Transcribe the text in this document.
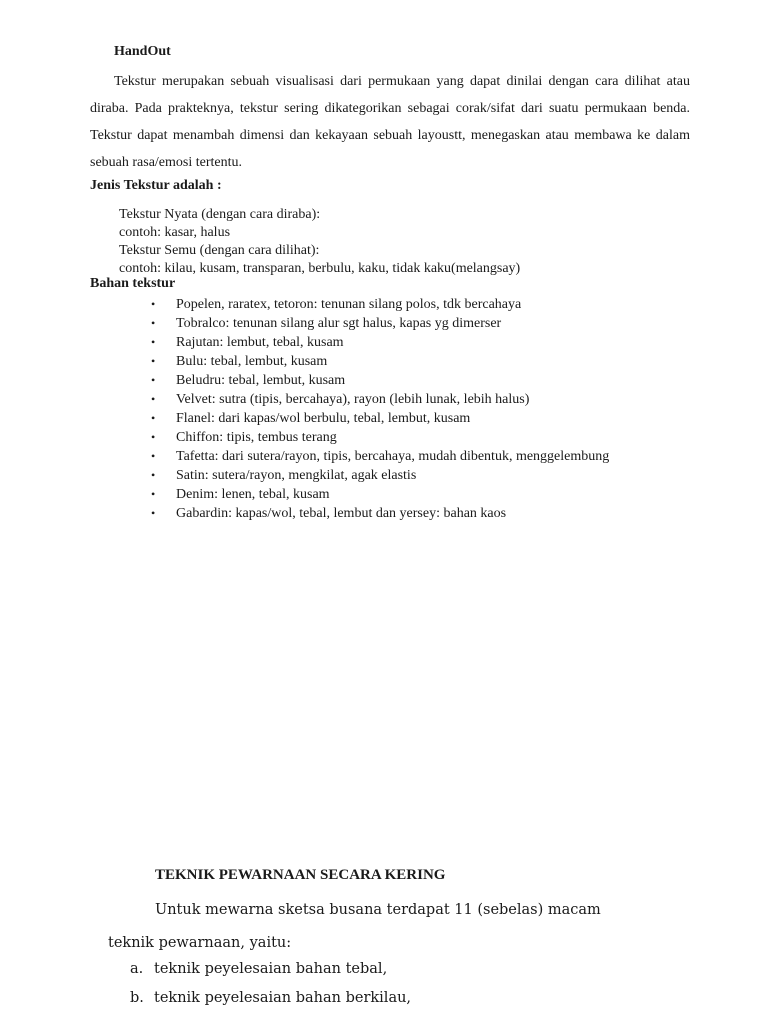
HandOut

Tekstur merupakan sebuah visualisasi dari permukaan yang dapat dinilai dengan cara dilihat atau diraba. Pada prakteknya, tekstur sering dikategorikan sebagai corak/sifat dari suatu permukaan benda. Tekstur dapat menambah dimensi dan kekayaan sebuah layoustt, menegaskan atau membawa ke dalam sebuah rasa/emosi tertentu.

Jenis Tekstur adalah :
Tekstur Nyata (dengan cara diraba):
contoh: kasar, halus
Tekstur Semu (dengan cara dilihat):
contoh: kilau, kusam, transparan, berbulu, kaku, tidak kaku(melangsay)
Bahan tekstur
• Popelen, raratex, tetoron: tenunan silang polos, tdk bercahaya
• Tobralco: tenunan silang alur sgt halus, kapas yg dimerser
• Rajutan: lembut, tebal, kusam
• Bulu: tebal, lembut, kusam
• Beludru: tebal, lembut, kusam
• Velvet: sutra (tipis, bercahaya), rayon (lebih lunak, lebih halus)
• Flanel: dari kapas/wol berbulu, tebal, lembut, kusam
• Chiffon: tipis, tembus terang
• Tafetta: dari sutera/rayon, tipis, bercahaya, mudah dibentuk, menggelembung
• Satin: sutera/rayon, mengkilat, agak elastis
• Denim: lenen, tebal, kusam
• Gabardin: kapas/wol, tebal, lembut dan yersey: bahan kaos
TEKNIK PEWARNAAN SECARA KERING

Untuk mewarna sketsa busana terdapat 11 (sebelas) macam teknik pewarnaan, yaitu:

a. teknik peyelesaian bahan tebal,
b. teknik peyelesaian bahan berkilau,
